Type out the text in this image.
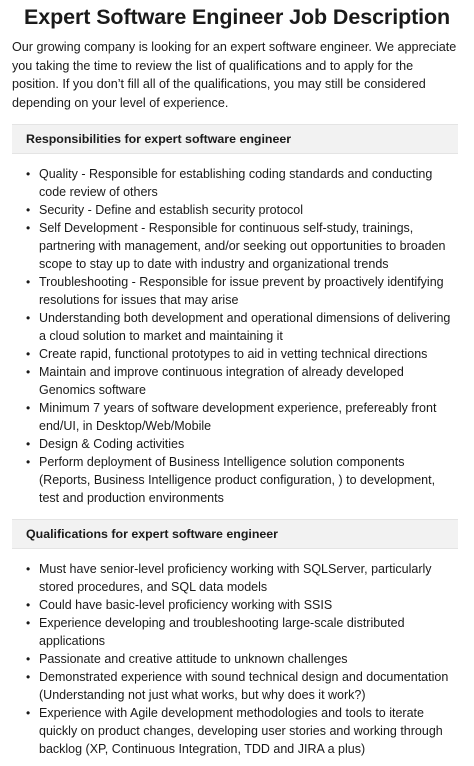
Expert Software Engineer Job Description

Our growing company is looking for an expert software engineer. We appreciate you taking the time to review the list of qualifications and to apply for the position. If you don’t fill all of the qualifications, you may still be considered depending on your level of experience.

Responsibilities for expert software engineer
• Quality - Responsible for establishing coding standards and conducting code review of others
• Security - Define and establish security protocol
• Self Development - Responsible for continuous self-study, trainings, partnering with management, and/or seeking out opportunities to broaden scope to stay up to date with industry and organizational trends
• Troubleshooting - Responsible for issue prevent by proactively identifying resolutions for issues that may arise
• Understanding both development and operational dimensions of delivering a cloud solution to market and maintaining it
• Create rapid, functional prototypes to aid in vetting technical directions
• Maintain and improve continuous integration of already developed Genomics software
• Minimum 7 years of software development experience, prefereably front end/UI, in Desktop/Web/Mobile
• Design & Coding activities
• Perform deployment of Business Intelligence solution components (Reports, Business Intelligence product configuration, ) to development, test and production environments
Qualifications for expert software engineer
• Must have senior-level proficiency working with SQLServer, particularly stored procedures, and SQL data models
• Could have basic-level proficiency working with SSIS
• Experience developing and troubleshooting large-scale distributed applications
• Passionate and creative attitude to unknown challenges
• Demonstrated experience with sound technical design and documentation (Understanding not just what works, but why does it work?)
• Experience with Agile development methodologies and tools to iterate quickly on product changes, developing user stories and working through backlog (XP, Continuous Integration, TDD and JIRA a plus)
